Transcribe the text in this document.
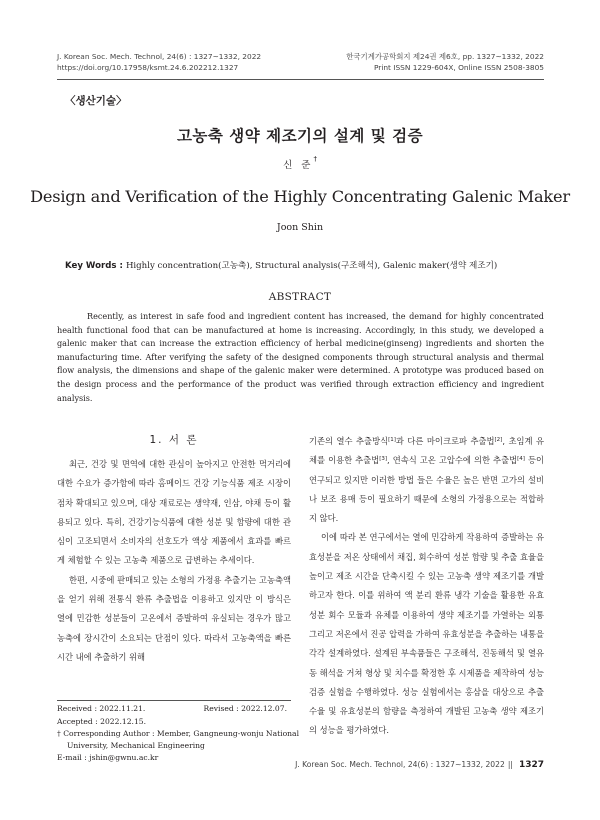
J. Korean Soc. Mech. Technol, 24(6) : 1327~1332, 2022
https://doi.org/10.17958/ksmt.24.6.202212.1327
한국기계가공학회지 제24권 제6호, pp. 1327~1332, 2022
Print ISSN 1229-604X, Online ISSN 2508-3805
〈생산기술〉
고농축 생약 제조기의 설계 및 검증
신 준†
Design and Verification of the Highly Concentrating Galenic Maker
Joon Shin
Key Words : Highly concentration(고농축), Structural analysis(구조해석), Galenic maker(생약 제조기)
ABSTRACT

Recently, as interest in safe food and ingredient content has increased, the demand for highly concentrated health functional food that can be manufactured at home is increasing. Accordingly, in this study, we developed a galenic maker that can increase the extraction efficiency of herbal medicine(ginseng) ingredients and shorten the manufacturing time. After verifying the safety of the designed components through structural analysis and thermal flow analysis, the dimensions and shape of the galenic maker were determined. A prototype was produced based on the design process and the performance of the product was verified through extraction efficiency and ingredient analysis.

1. 서 론

최근, 건강 및 면역에 대한 관심이 높아지고 안전한 먹거리에 대한 수요가 증가함에 따라 홈메이드 건강 기능식품 제조 시장이 점차 확대되고 있으며, 대상 재료로는 생약재, 인삼, 야채 등이 활용되고 있다. 특히, 건강기능식품에 대한 성분 및 함량에 대한 관심이 고조되면서 소비자의 선호도가 액상 제품에서 효과를 빠르게 체험할 수 있는 고농축 제품으로 급변하는 추세이다.

한편, 시중에 판매되고 있는 소형의 가정용 추출기는 고농축액을 얻기 위해 전통식 환류 추출법을 이용하고 있지만 이 방식은 열에 민감한 성분들이 고온에서 증발하여 유실되는 경우가 많고 농축에 장시간이 소요되는 단점이 있다. 따라서 고농축액을 빠른 시간 내에 추출하기 위해

기존의 열수 추출방식[1]과 다른 마이크로파 추출법[2], 초임계 유체를 이용한 추출법[3], 연속식 고온 고압수에 의한 추출법[4] 등이 연구되고 있지만 이러한 방법 들은 수율은 높은 반면 고가의 설비나 보조 용매 등이 필요하기 때문에 소형의 가정용으로는 적합하지 않다.

이에 따라 본 연구에서는 열에 민감하게 작용하여 증발하는 유효성분을 저온 상태에서 채집, 회수하여 성분 함량 및 추출 효율을 높이고 제조 시간을 단축시킬 수 있는 고농축 생약 제조기를 개발하고자 한다. 이를 위하여 액 분리 환류 냉각 기술을 활용한 유효성분 회수 모듈과 유체를 이용하여 생약 제조기를 가열하는 외통 그리고 저온에서 진공 압력을 가하여 유효성분을 추출하는 내통을 각각 설계하였다. 설계된 부속품들은 구조해석, 진동해석 및 열유동 해석을 거쳐 형상 및 치수를 확정한 후 시제품을 제작하여 성능 검증 실험을 수행하였다. 성능 실험에서는 홍삼을 대상으로 추출 수율 및 유효성분의 함량을 측정하여 개발된 고농축 생약 제조기의 성능을 평가하였다.

Received : 2022.11.21.	Revised : 2022.12.07.
Accepted : 2022.12.15.
† Corresponding Author : Member, Gangneung-wonju National University, Mechanical Engineering
E-mail : jshin@gwnu.ac.kr
J. Korean Soc. Mech. Technol, 24(6) : 1327~1332, 2022 || 1327
